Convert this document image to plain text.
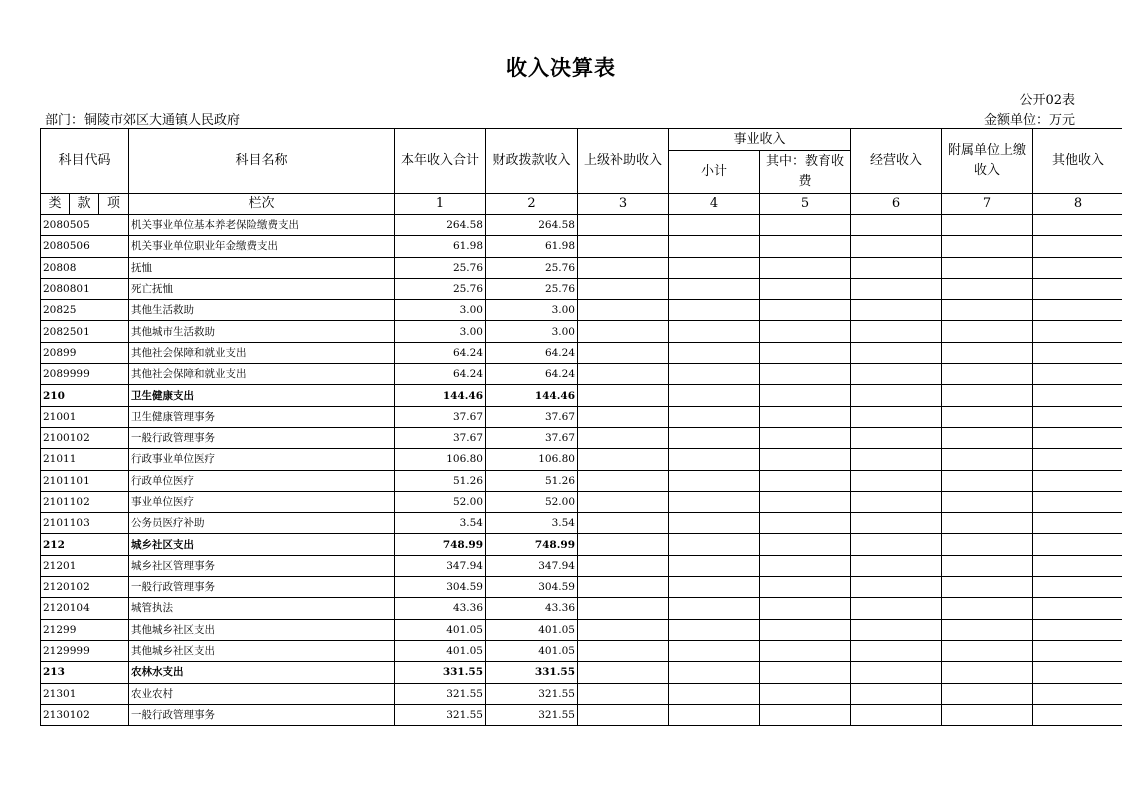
收入决算表
公开02表
部门：铜陵市郊区大通镇人民政府	金额单位：万元
科目代码			科目名称	本年收入合计	财政拨款收入	上级补助收入	事业收入		经营收入	附属单位上缴收入	其他收入
							小计	其中：教育收费			
类	款	项	栏次	1	2	3	4	5	6	7	8
2080505			机关事业单位基本养老保险缴费支出	264.58	264.58						
2080506			机关事业单位职业年金缴费支出	61.98	61.98						
20808			抚恤	25.76	25.76						
2080801			死亡抚恤	25.76	25.76						
20825			其他生活救助	3.00	3.00						
2082501			其他城市生活救助	3.00	3.00						
20899			其他社会保障和就业支出	64.24	64.24						
2089999			其他社会保障和就业支出	64.24	64.24						
210			卫生健康支出	144.46	144.46						
21001			卫生健康管理事务	37.67	37.67						
2100102			一般行政管理事务	37.67	37.67						
21011			行政事业单位医疗	106.80	106.80						
2101101			行政单位医疗	51.26	51.26						
2101102			事业单位医疗	52.00	52.00						
2101103			公务员医疗补助	3.54	3.54						
212			城乡社区支出	748.99	748.99						
21201			城乡社区管理事务	347.94	347.94						
2120102			一般行政管理事务	304.59	304.59						
2120104			城管执法	43.36	43.36						
21299			其他城乡社区支出	401.05	401.05						
2129999			其他城乡社区支出	401.05	401.05						
213			农林水支出	331.55	331.55						
21301			农业农村	321.55	321.55						
2130102			一般行政管理事务	321.55	321.55						
